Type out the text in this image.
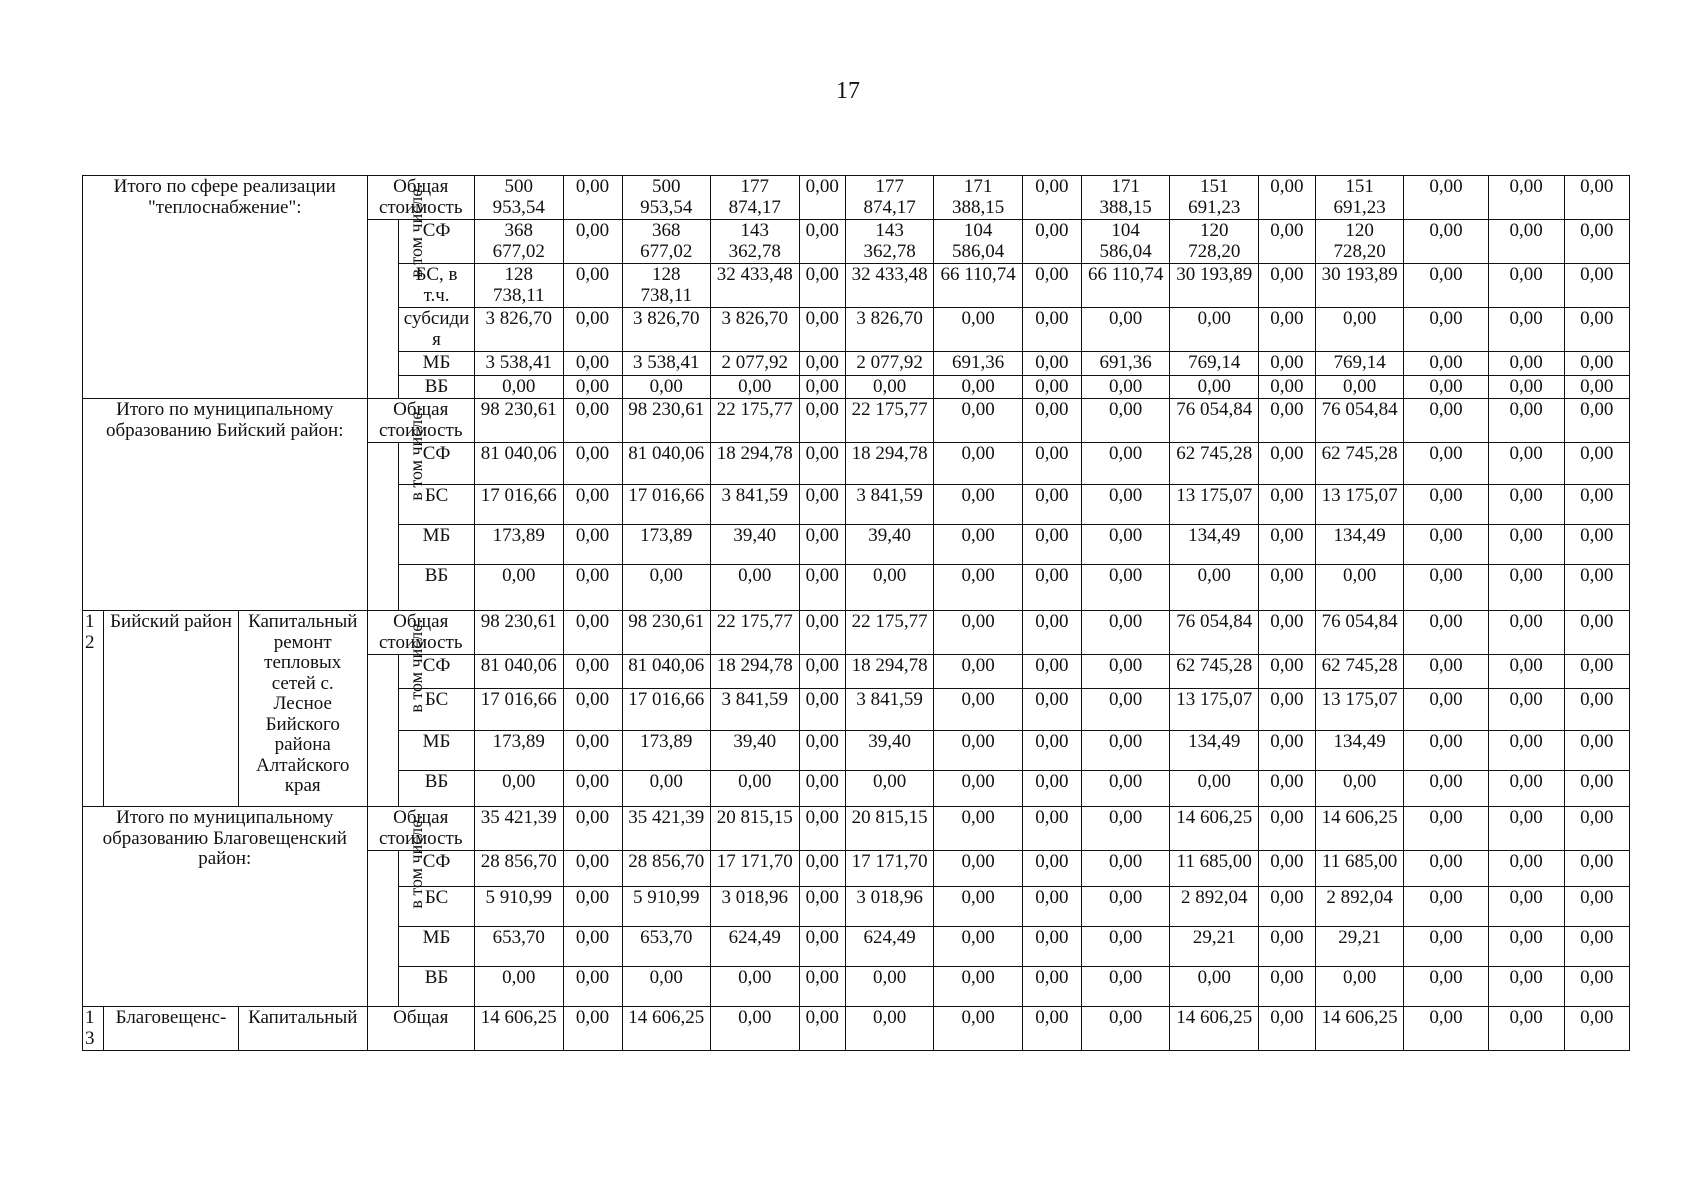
17
Итого по сфере реализации "теплоснабжение":			Общая стоимость		500 953,54	0,00	500 953,54	177 874,17	0,00	177 874,17	171 388,15	0,00	171 388,15	151 691,23	0,00	151 691,23	0,00	0,00	0,00
			в том числе:	СФ	368 677,02	0,00	368 677,02	143 362,78	0,00	143 362,78	104 586,04	0,00	104 586,04	120 728,20	0,00	120 728,20	0,00	0,00	0,00
				БС, в т.ч.	128 738,11	0,00	128 738,11	32 433,48	0,00	32 433,48	66 110,74	0,00	66 110,74	30 193,89	0,00	30 193,89	0,00	0,00	0,00
				субсидия	3 826,70	0,00	3 826,70	3 826,70	0,00	3 826,70	0,00	0,00	0,00	0,00	0,00	0,00	0,00	0,00	0,00
				МБ	3 538,41	0,00	3 538,41	2 077,92	0,00	2 077,92	691,36	0,00	691,36	769,14	0,00	769,14	0,00	0,00	0,00
				ВБ	0,00	0,00	0,00	0,00	0,00	0,00	0,00	0,00	0,00	0,00	0,00	0,00	0,00	0,00	0,00
Итого по муниципальному образованию Бийский район:			Общая стоимость		98 230,61	0,00	98 230,61	22 175,77	0,00	22 175,77	0,00	0,00	0,00	76 054,84	0,00	76 054,84	0,00	0,00	0,00
			в том числе:	СФ	81 040,06	0,00	81 040,06	18 294,78	0,00	18 294,78	0,00	0,00	0,00	62 745,28	0,00	62 745,28	0,00	0,00	0,00
				БС	17 016,66	0,00	17 016,66	3 841,59	0,00	3 841,59	0,00	0,00	0,00	13 175,07	0,00	13 175,07	0,00	0,00	0,00
				МБ	173,89	0,00	173,89	39,40	0,00	39,40	0,00	0,00	0,00	134,49	0,00	134,49	0,00	0,00	0,00
				ВБ	0,00	0,00	0,00	0,00	0,00	0,00	0,00	0,00	0,00	0,00	0,00	0,00	0,00	0,00	0,00
12	Бийский район	Капитальный ремонт тепловых сетей с. Лесное Бийского района Алтайского края	Общая стоимость		98 230,61	0,00	98 230,61	22 175,77	0,00	22 175,77	0,00	0,00	0,00	76 054,84	0,00	76 054,84	0,00	0,00	0,00
			в том числе:	СФ	81 040,06	0,00	81 040,06	18 294,78	0,00	18 294,78	0,00	0,00	0,00	62 745,28	0,00	62 745,28	0,00	0,00	0,00
				БС	17 016,66	0,00	17 016,66	3 841,59	0,00	3 841,59	0,00	0,00	0,00	13 175,07	0,00	13 175,07	0,00	0,00	0,00
				МБ	173,89	0,00	173,89	39,40	0,00	39,40	0,00	0,00	0,00	134,49	0,00	134,49	0,00	0,00	0,00
				ВБ	0,00	0,00	0,00	0,00	0,00	0,00	0,00	0,00	0,00	0,00	0,00	0,00	0,00	0,00	0,00
Итого по муниципальному образованию Благовещенский район:			Общая стоимость		35 421,39	0,00	35 421,39	20 815,15	0,00	20 815,15	0,00	0,00	0,00	14 606,25	0,00	14 606,25	0,00	0,00	0,00
			в том числе:	СФ	28 856,70	0,00	28 856,70	17 171,70	0,00	17 171,70	0,00	0,00	0,00	11 685,00	0,00	11 685,00	0,00	0,00	0,00
				БС	5 910,99	0,00	5 910,99	3 018,96	0,00	3 018,96	0,00	0,00	0,00	2 892,04	0,00	2 892,04	0,00	0,00	0,00
				МБ	653,70	0,00	653,70	624,49	0,00	624,49	0,00	0,00	0,00	29,21	0,00	29,21	0,00	0,00	0,00
				ВБ	0,00	0,00	0,00	0,00	0,00	0,00	0,00	0,00	0,00	0,00	0,00	0,00	0,00	0,00	0,00
13	Благовещенс-	Капитальный	Общая		14 606,25	0,00	14 606,25	0,00	0,00	0,00	0,00	0,00	0,00	14 606,25	0,00	14 606,25	0,00	0,00	0,00
